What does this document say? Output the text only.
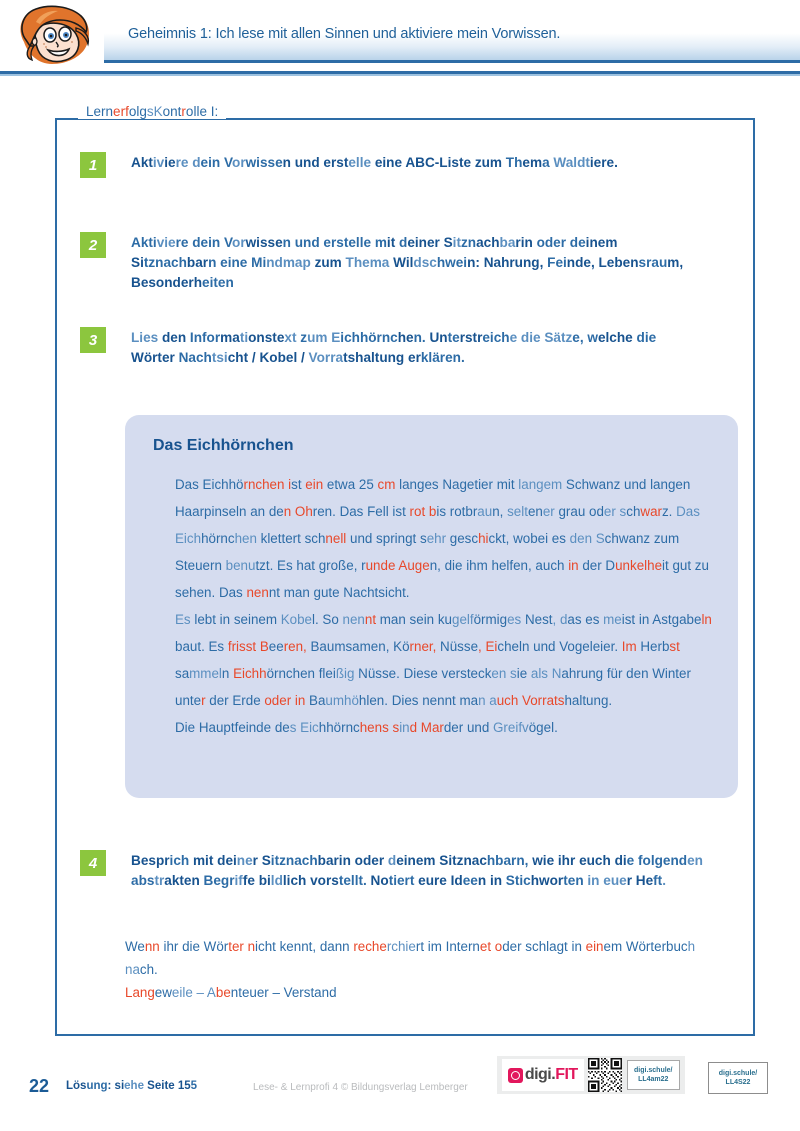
Geheimnis 1: Ich lese mit allen Sinnen und aktiviere mein Vorwissen.
LernerfolgsKontrolle I:
1	Aktiviere dein Vorwissen und erstelle eine ABC-Liste zum Thema Waldtiere.
2	Aktiviere dein Vorwissen und erstelle mit deiner Sitznachbarin oder deinem Sitznachbarn eine Mindmap zum Thema Wildschwein: Nahrung, Feinde, Lebensraum, Besonderheiten
3	Lies den Informationstext zum Eichhörnchen. Unterstreiche die Sätze, welche die Wörter Nachtsicht / Kobel / Vorratshaltung erklären.
Das Eichhörnchen
Das Eichhörnchen ist ein etwa 25 cm langes Nagetier mit langem Schwanz und langen Haarpinseln an den Ohren. Das Fell ist rot bis rotbraun, seltener grau oder schwarz. Das Eichhörnchen klettert schnell und springt sehr geschickt, wobei es den Schwanz zum Steuern benutzt. Es hat große, runde Augen, die ihm helfen, auch in der Dunkelheit gut zu sehen. Das nennt man gute Nachtsicht.
Es lebt in seinem Kobel. So nennt man sein kugelförmiges Nest, das es meist in Astgabeln baut. Es frisst Beeren, Baumsamen, Körner, Nüsse, Eicheln und Vogeleier. Im Herbst sammeln Eichhörnchen fleißig Nüsse. Diese verstecken sie als Nahrung für den Winter unter der Erde oder in Baumhöhlen. Dies nennt man auch Vorratshaltung.
Die Hauptfeinde des Eichhörnchens sind Marder und Greifvögel.
4	Besprich mit deiner Sitznachbarin oder deinem Sitznachbarn, wie ihr euch die folgenden abstrakten Begriffe bildlich vorstellt. Notiert eure Ideen in Stichworten in euer Heft.
Wenn ihr die Wörter nicht kennt, dann recherchiert im Internet oder schlagt in einem Wörterbuch nach.
Langeweile – Abenteuer – Verstand
22 Lösung: siehe Seite 155	Lese- & Lernprofi 4 © Bildungsverlag Lemberger
digi. FIT	digi.schule/
LL4am22
digi.schule/
LL4S22
